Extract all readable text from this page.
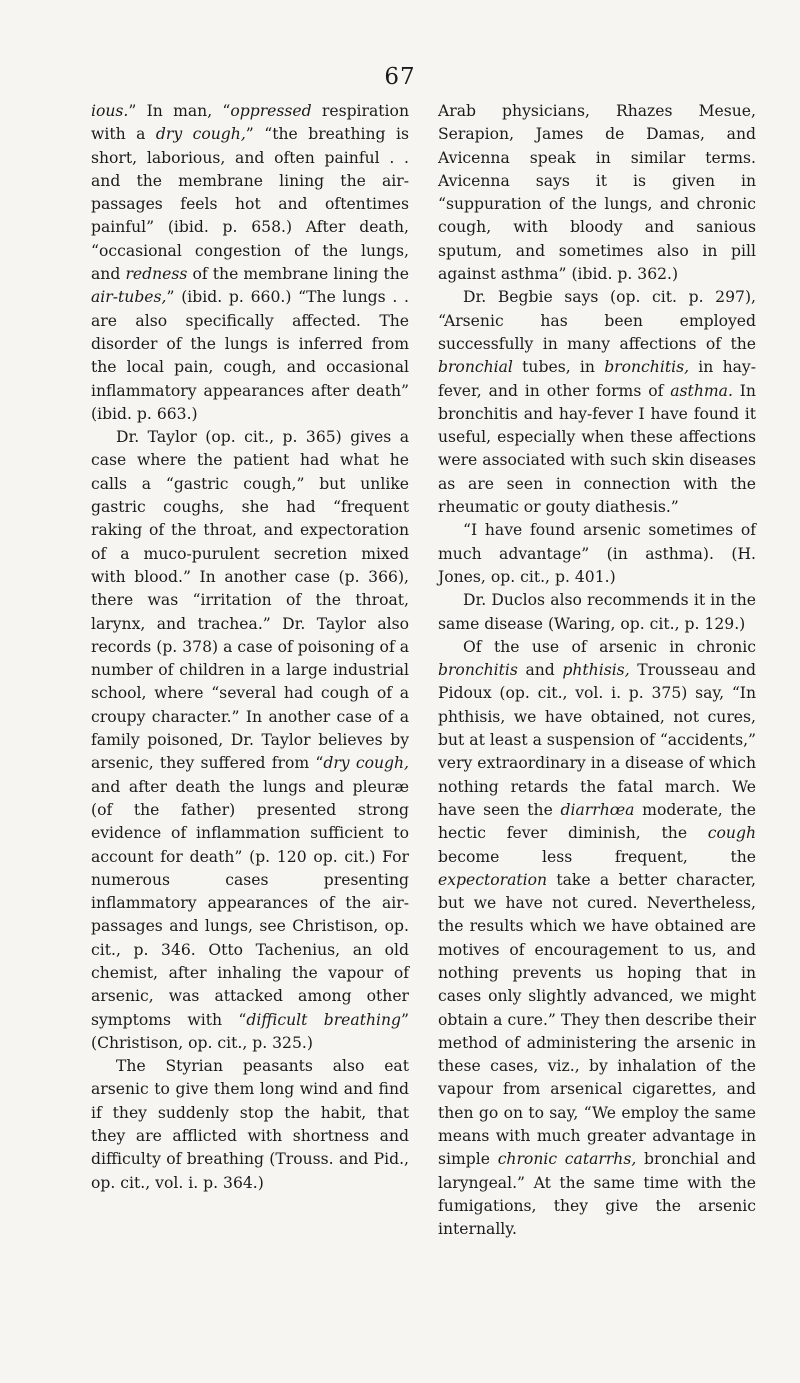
67

ious.” In man, “oppressed respiration with a dry cough,” “the breathing is short, laborious, and often painful . . and the membrane lining the air-passages feels hot and oftentimes painful” (ibid. p. 658.) After death, “occasional congestion of the lungs, and redness of the membrane lining the air-tubes,” (ibid. p. 660.) “The lungs . . are also specifically affected. The disorder of the lungs is inferred from the local pain, cough, and occasional inflammatory appearances after death” (ibid. p. 663.)

Dr. Taylor (op. cit., p. 365) gives a case where the patient had what he calls a “gastric cough,” but unlike gastric coughs, she had “frequent raking of the throat, and expectoration of a muco-purulent secretion mixed with blood.” In another case (p. 366), there was “irritation of the throat, larynx, and trachea.” Dr. Taylor also records (p. 378) a case of poisoning of a number of children in a large industrial school, where “several had cough of a croupy character.” In another case of a family poisoned, Dr. Taylor believes by arsenic, they suffered from “dry cough, and after death the lungs and pleuræ (of the father) presented strong evidence of inflammation sufficient to account for death” (p. 120 op. cit.) For numerous cases presenting inflammatory appearances of the air-passages and lungs, see Christison, op. cit., p. 346. Otto Tachenius, an old chemist, after inhaling the vapour of arsenic, was attacked among other symptoms with “difficult breathing” (Christison, op. cit., p. 325.)

The Styrian peasants also eat arsenic to give them long wind and find if they suddenly stop the habit, that they are afflicted with shortness and difficulty of breathing (Trouss. and Pid., op. cit., vol. i. p. 364.)

Arab physicians, Rhazes Mesue, Serapion, James de Damas, and Avicenna speak in similar terms. Avicenna says it is given in “suppuration of the lungs, and chronic cough, with bloody and sanious sputum, and sometimes also in pill against asthma” (ibid. p. 362.)

Dr. Begbie says (op. cit. p. 297), “Arsenic has been employed successfully in many affections of the bronchial tubes, in bronchitis, in hay-fever, and in other forms of asthma. In bronchitis and hay-fever I have found it useful, especially when these affections were associated with such skin diseases as are seen in connection with the rheumatic or gouty diathesis.”

“I have found arsenic sometimes of much advantage” (in asthma). (H. Jones, op. cit., p. 401.)

Dr. Duclos also recommends it in the same disease (Waring, op. cit., p. 129.)

Of the use of arsenic in chronic bronchitis and phthisis, Trousseau and Pidoux (op. cit., vol. i. p. 375) say, “In phthisis, we have obtained, not cures, but at least a suspension of “accidents,” very extraordinary in a disease of which nothing retards the fatal march. We have seen the diarrhœa moderate, the hectic fever diminish, the cough become less frequent, the expectoration take a better character, but we have not cured. Nevertheless, the results which we have obtained are motives of encouragement to us, and nothing prevents us hoping that in cases only slightly advanced, we might obtain a cure.” They then describe their method of administering the arsenic in these cases, viz., by inhalation of the vapour from arsenical cigarettes, and then go on to say, “We employ the same means with much greater advantage in simple chronic catarrhs, bronchial and laryngeal.” At the same time with the fumigations, they give the arsenic internally.
